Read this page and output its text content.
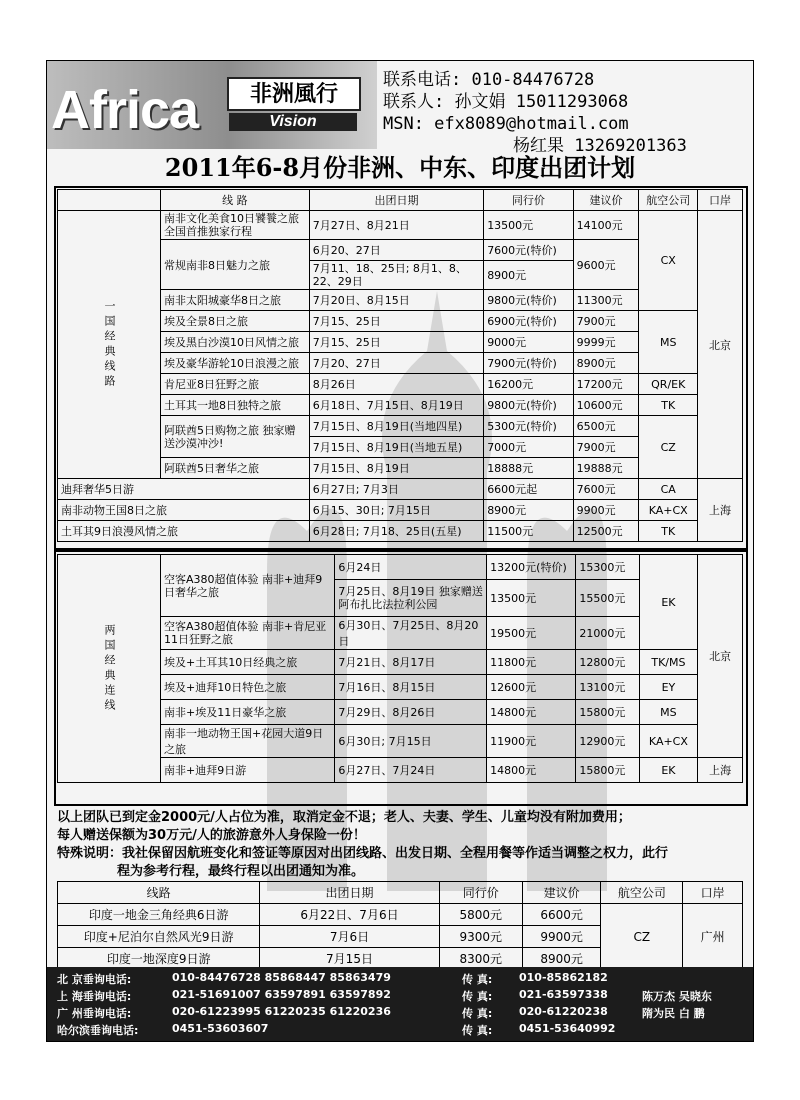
Africa	非洲風行
Vision
联系电话: 010-84476728
联系人: 孙文娟 15011293068
MSN: efx8089@hotmail.com
杨红果 13269201363
2011年6-8月份非洲、中东、印度出团计划
	线 路	出团日期	同行价	建议价	航空公司	口岸
一国经典线路	南非文化美食10日饕餮之旅 全国首推独家行程	7月27日、8月21日	13500元	14100元	CX	北京
	常规南非8日魅力之旅	6月20、27日	7600元(特价)	9600元		
		7月11、18、25日; 8月1、8、22、29日	8900元			
	南非太阳城豪华8日之旅	7月20日、8月15日	9800元(特价)	11300元		
	埃及全景8日之旅	7月15、25日	6900元(特价)	7900元	MS	
	埃及黑白沙漠10日风情之旅	7月15、25日	9000元	9999元		
	埃及豪华游轮10日浪漫之旅	7月20、27日	7900元(特价)	8900元		
	肯尼亚8日狂野之旅	8月26日	16200元	17200元	QR/EK	
	土耳其一地8日独特之旅	6月18日、7月15日、8月19日	9800元(特价)	10600元	TK	
	阿联酋5日购物之旅 独家赠送沙漠冲沙!	7月15日、8月19日(当地四星)	5300元(特价)	6500元	CZ	
		7月15日、8月19日(当地五星)	7000元	7900元		
	阿联酋5日奢华之旅	7月15日、8月19日	18888元	19888元		
迪拜奢华5日游		6月27日; 7月3日	6600元起	7600元	CA	上海
南非动物王国8日之旅		6月15、30日; 7月15日	8900元	9900元	KA+CX	
土耳其9日浪漫风情之旅		6月28日; 7月18、25日(五星)	11500元	12500元	TK	
两国经典连线	空客A380超值体验 南非+迪拜9日奢华之旅	6月24日	13200元(特价)	15300元	EK	北京
		7月25日、8月19日 独家赠送阿布扎比法拉利公园	13500元	15500元		
	空客A380超值体验 南非+肯尼亚11日狂野之旅	6月30日、7月25日、8月20日	19500元	21000元		
	埃及+土耳其10日经典之旅	7月21日、8月17日	11800元	12800元	TK/MS	
	埃及+迪拜10日特色之旅	7月16日、8月15日	12600元	13100元	EY	
	南非+埃及11日豪华之旅	7月29日、8月26日	14800元	15800元	MS	
	南非一地动物王国+花园大道9日之旅	6月30日; 7月15日	11900元	12900元	KA+CX	
	南非+迪拜9日游	6月27日、7月24日	14800元	15800元	EK	上海
以上团队已到定金2000元/人占位为准，取消定金不退；老人、夫妻、学生、儿童均没有附加费用；
每人赠送保额为30万元/人的旅游意外人身保险一份！
特殊说明：我社保留因航班变化和签证等原因对出团线路、出发日期、全程用餐等作适当调整之权力，此行
程为参考行程，最终行程以出团通知为准。
线路	出团日期	同行价	建议价	航空公司	口岸
印度一地金三角经典6日游	6月22日、7月6日	5800元	6600元	CZ	广州
印度+尼泊尔自然风光9日游	7月6日	9300元	9900元		
印度一地深度9日游	7月15日	8300元	8900元		
北 京垂询电话:	010-84476728 85868447 85863479	传 真: 010-85862182
上 海垂询电话:	021-51691007 63597891 63597892	传 真: 021-63597338	陈万杰 吴晓东
广 州垂询电话:	020-61223995 61220235 61220236	传 真: 020-61220238	隋为民 白 鹏
哈尔滨垂询电话:	0451-53603607	传 真: 0451-53640992
